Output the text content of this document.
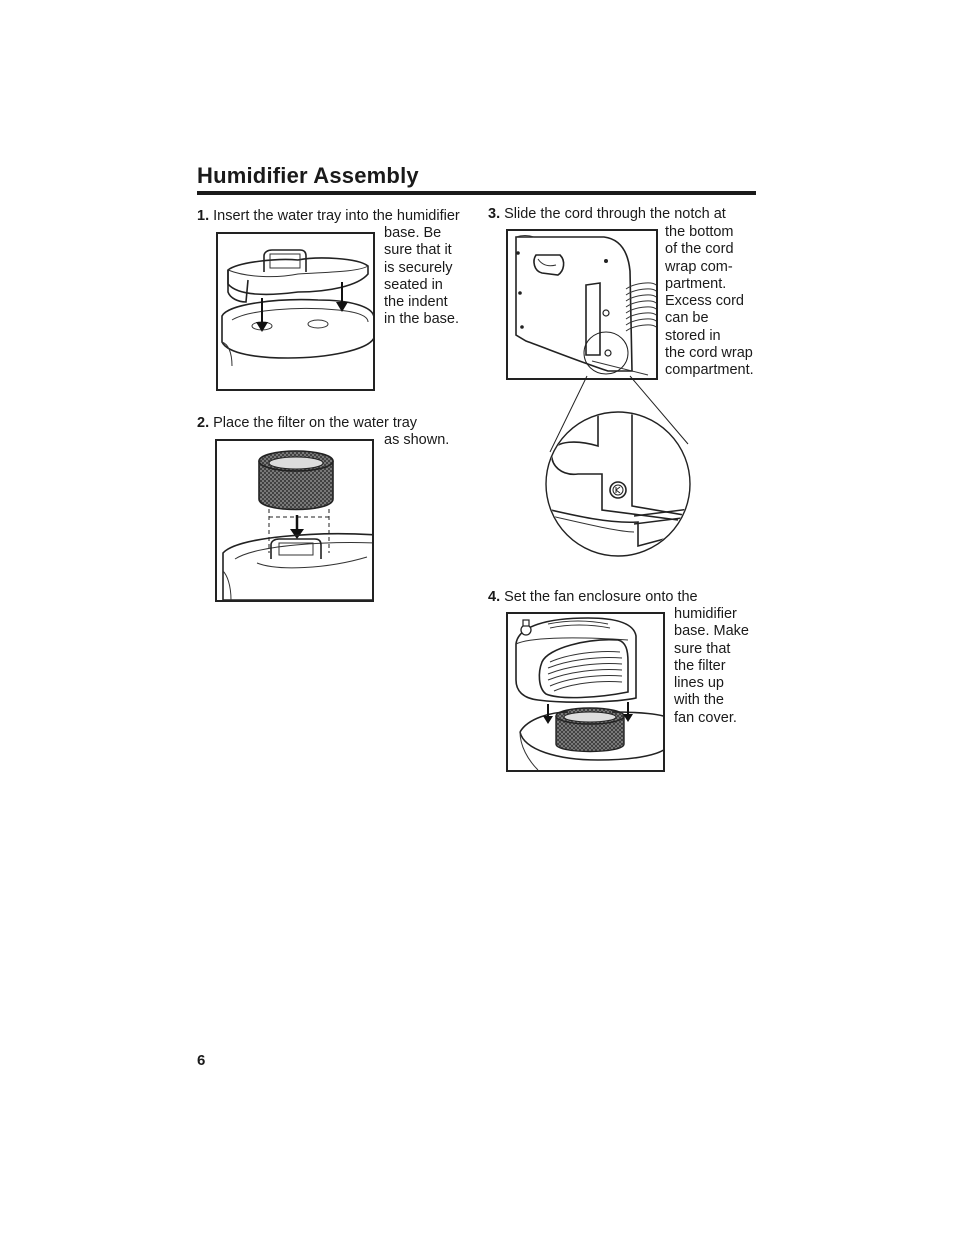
Humidifier Assembly
1. Insert the water tray into the humidifier
base. Be
sure that it
is securely
seated in
the indent
in the base.
2. Place the filter on the water tray
as shown.
3. Slide the cord through the notch at
the bottom
of the cord
wrap com-
partment.
Excess cord
can be
stored in
the cord wrap
compartment.
4. Set the fan enclosure onto the
humidifier
base. Make
sure that
the filter
lines up
with the
fan cover.
6
